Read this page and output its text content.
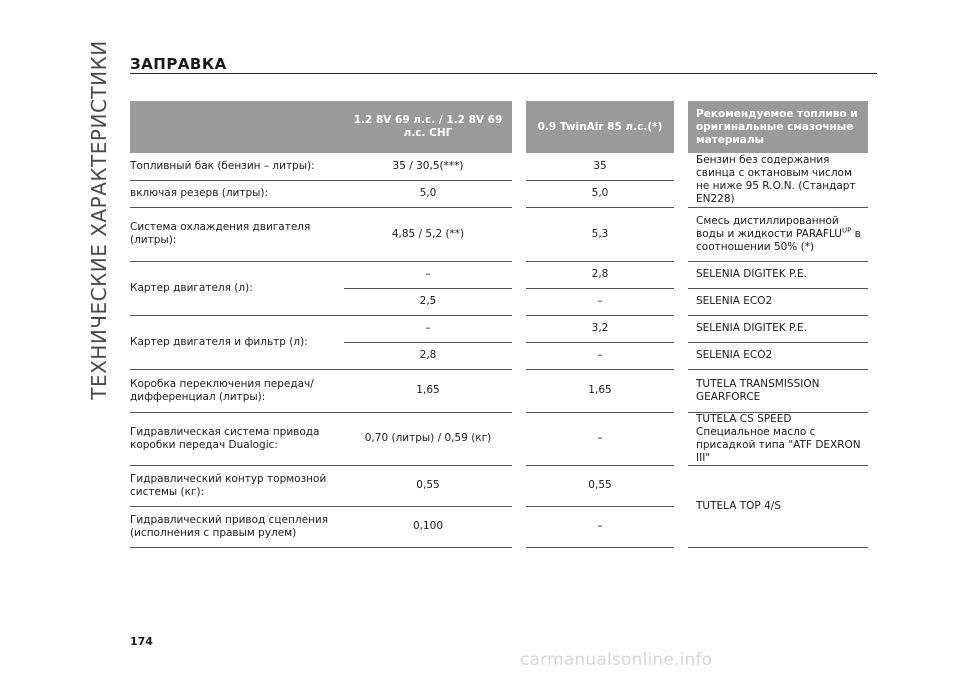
ТЕХНИЧЕСКИЕ ХАРАКТЕРИСТИКИ ЗАПРАВКА
	1.2 8V 69 л.с. / 1.2 8V 69 л.с. СНГ	0.9 TwinAir 85 л.с.(*)	Рекомендуемое топливо и оригинальные смазочные материалы
Топливный бак (бензин – литры):	35 / 30,5(***)	35	Бензин без содержания свинца с октановым числом не ниже 95 R.O.N. (Стандарт EN228)
включая резерв (литры):	5,0	5,0	
Система охлаждения двигателя (литры):	4,85 / 5,2 (**)	5,3	Смесь дистиллированной воды и жидкости $PARAFLU^{UP}$ в соотношении 50% (*)
Картер двигателя (л):	–	2,8	SELENIA DIGITEK P.E.
	2,5	–	SELENIA ECO2
Картер двигателя и фильтр (л):	–	3,2	SELENIA DIGITEK P.E.
	2,8	–	SELENIA ECO2
Коробка переключения передач/дифференциал (литры):	1,65	1,65	TUTELA TRANSMISSION GEARFORCE
Гидравлическая система привода коробки передач Dualogic:	0,70 (литры) / 0,59 (кг)	–	TUTELA CS SPEED Специальное масло с присадкой типа "ATF DEXRON III"
Гидравлический контур тормозной системы (кг):	0,55	0,55	TUTELA TOP 4/S
Гидравлический привод сцепления (исполнения с правым рулем)	0,100	–	
174
carmanualsonline.info
